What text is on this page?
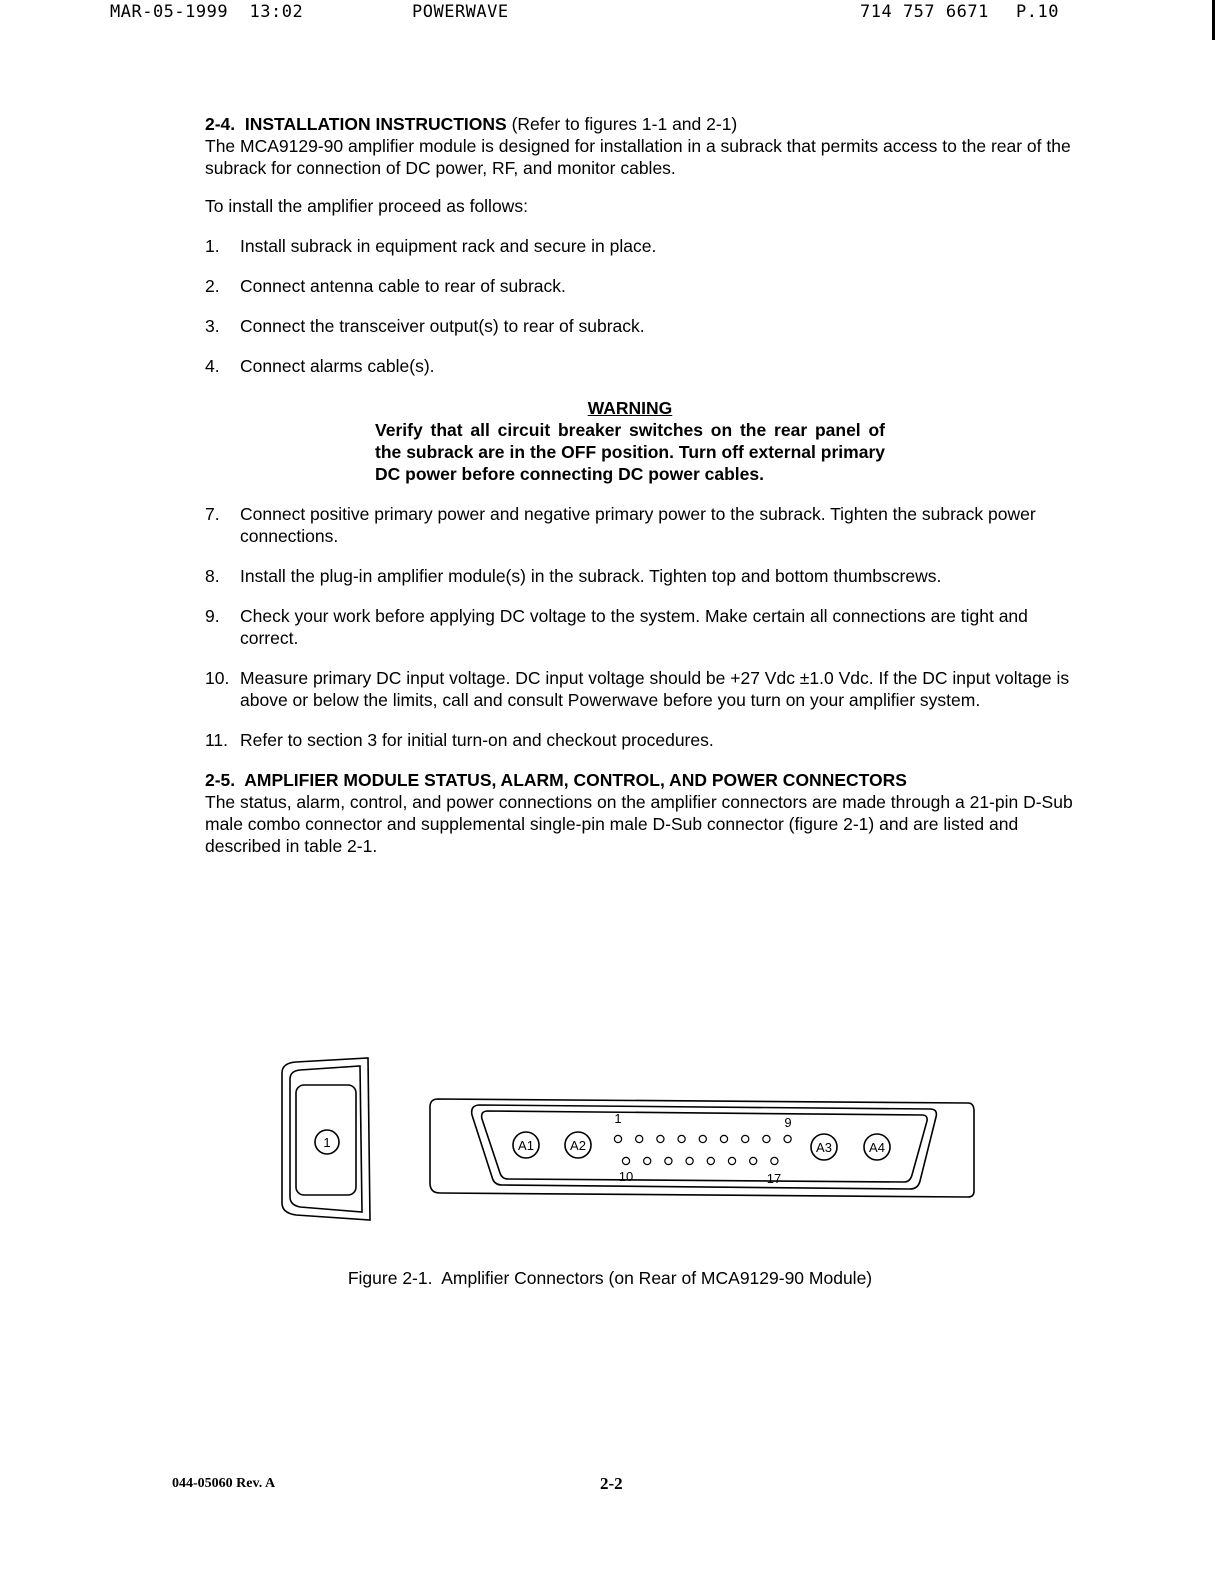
MAR-05-1999  13:02	POWERWAVE	714 757 6671 P.10
2-4.  INSTALLATION INSTRUCTIONS (Refer to figures 1-1 and 2-1)

The MCA9129-90 amplifier module is designed for installation in a subrack that permits access to the rear of the subrack for connection of DC power, RF, and monitor cables.

To install the amplifier proceed as follows:

1. Install subrack in equipment rack and secure in place.
2. Connect antenna cable to rear of subrack.
3. Connect the transceiver output(s) to rear of subrack.
4. Connect alarms cable(s).
WARNING
Verify that all circuit breaker switches on the rear panel of the subrack are in the OFF position. Turn off external primary DC power before connecting DC power cables.
7. Connect positive primary power and negative primary power to the subrack. Tighten the subrack power connections.
8. Install the plug-in amplifier module(s) in the subrack. Tighten top and bottom thumbscrews.
9. Check your work before applying DC voltage to the system. Make certain all connections are tight and correct.
10. Measure primary DC input voltage. DC input voltage should be +27 Vdc ±1.0 Vdc. If the DC input voltage is above or below the limits, call and consult Powerwave before you turn on your amplifier system.
11. Refer to section 3 for initial turn-on and checkout procedures.
2-5.  AMPLIFIER MODULE STATUS, ALARM, CONTROL, AND POWER CONNECTORS

The status, alarm, control, and power connections on the amplifier connectors are made through a 21-pin D-Sub male combo connector and supplemental single-pin male D-Sub connector (figure 2-1) and are listed and described in table 2-1.

1	A1	A2	A3	A4
1	9
10	17
Figure 2-1.  Amplifier Connectors (on Rear of MCA9129-90 Module)
044-05060 Rev. A	2-2
